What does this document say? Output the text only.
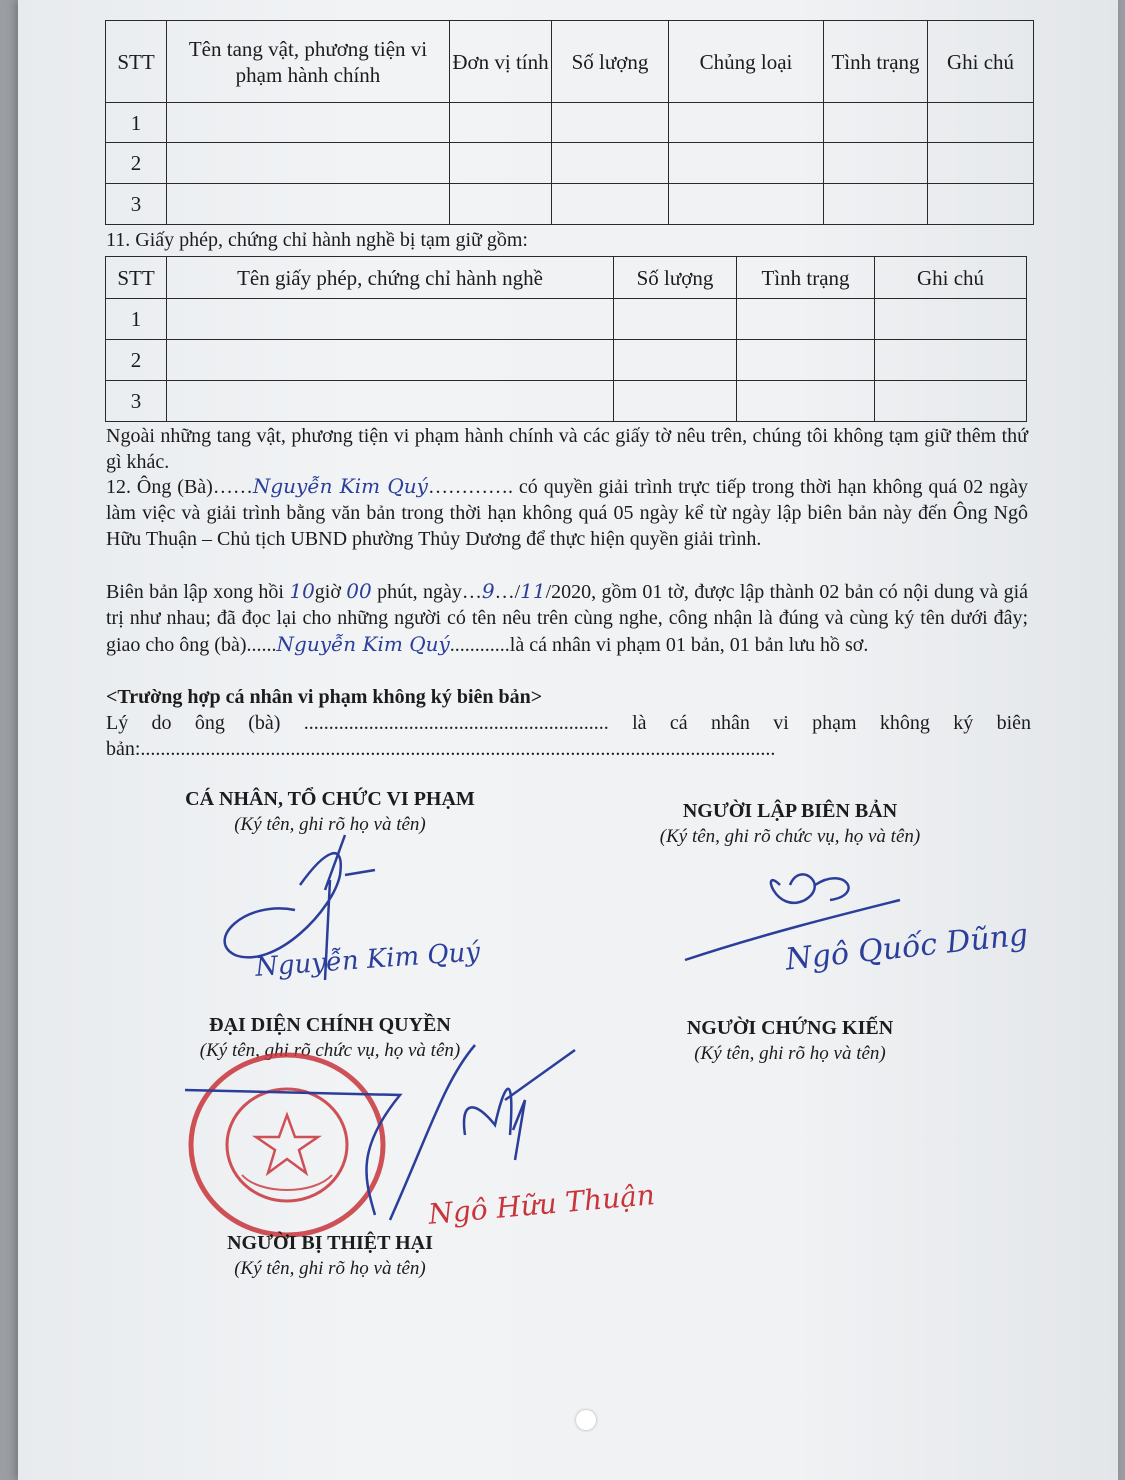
STT	Tên tang vật, phương tiện vi phạm hành chính	Đơn vị tính	Số lượng	Chủng loại	Tình trạng	Ghi chú
1						
2						
3						
11. Giấy phép, chứng chỉ hành nghề bị tạm giữ gồm:
STT	Tên giấy phép, chứng chỉ hành nghề	Số lượng	Tình trạng	Ghi chú
1				
2				
3				
Ngoài những tang vật, phương tiện vi phạm hành chính và các giấy tờ nêu trên, chúng tôi không tạm giữ thêm thứ gì khác.
12. Ông (Bà)……Nguyễn Kim Quý…………. có quyền giải trình trực tiếp trong thời hạn không quá 02 ngày làm việc và giải trình bằng văn bản trong thời hạn không quá 05 ngày kể từ ngày lập biên bản này đến Ông Ngô Hữu Thuận – Chủ tịch UBND phường Thủy Dương để thực hiện quyền giải trình.
Biên bản lập xong hồi 10giờ 00 phút, ngày…9…/11/2020, gồm 01 tờ, được lập thành 02 bản có nội dung và giá trị như nhau; đã đọc lại cho những người có tên nêu trên cùng nghe, công nhận là đúng và cùng ký tên dưới đây; giao cho ông (bà)......Nguyễn Kim Quý............là cá nhân vi phạm 01 bản, 01 bản lưu hồ sơ.
<Trường hợp cá nhân vi phạm không ký biên bản>
Lý do ông (bà) ............................................................. là cá nhân vi phạm không ký biên
bản:...............................................................................................................................
CÁ NHÂN, TỔ CHỨC VI PHẠM
(Ký tên, ghi rõ họ và tên)
NGƯỜI LẬP BIÊN BẢN
(Ký tên, ghi rõ chức vụ, họ và tên)
Nguyễn Kim Quý	Ngô Quốc Dũng
ĐẠI DIỆN CHÍNH QUYỀN
(Ký tên, ghi rõ chức vụ, họ và tên)
NGƯỜI CHỨNG KIẾN
(Ký tên, ghi rõ họ và tên)
Ngô Hữu Thuận
NGƯỜI BỊ THIỆT HẠI
(Ký tên, ghi rõ họ và tên)
